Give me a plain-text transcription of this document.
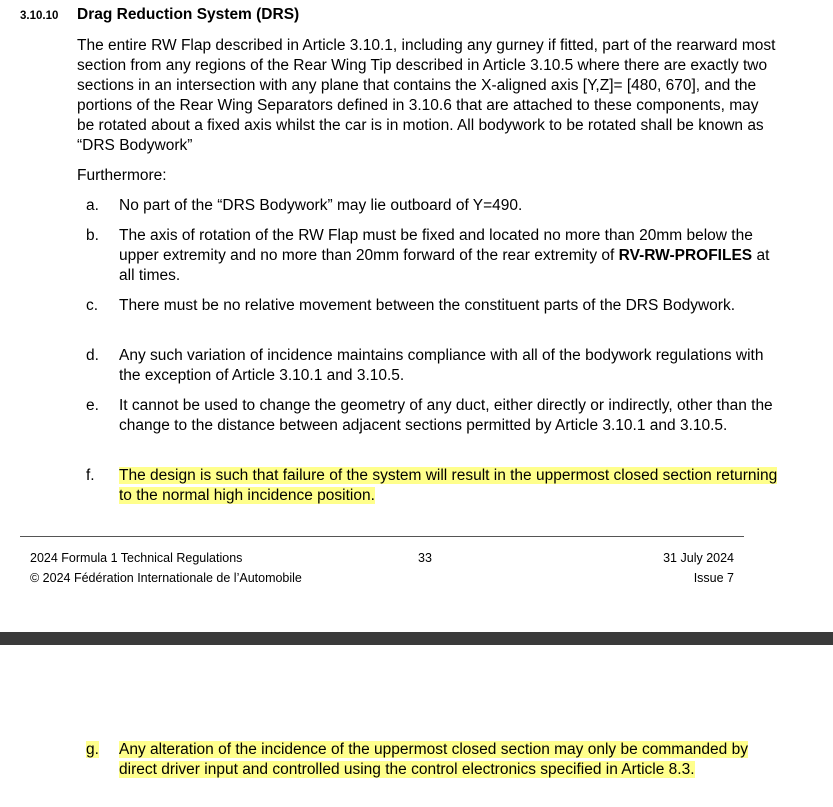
3.10.10	Drag Reduction System (DRS)
The entire RW Flap described in Article 3.10.1, including any gurney if fitted, part of the rearward most section from any regions of the Rear Wing Tip described in Article 3.10.5 where there are exactly two sections in an intersection with any plane that contains the X-aligned axis [Y,Z]= [480, 670], and the portions of the Rear Wing Separators defined in 3.10.6 that are attached to these components, may be rotated about a fixed axis whilst the car is in motion. All bodywork to be rotated shall be known as “DRS Bodywork”
Furthermore:
a.	No part of the “DRS Bodywork” may lie outboard of Y=490.
b.	The axis of rotation of the RW Flap must be fixed and located no more than 20mm below the upper extremity and no more than 20mm forward of the rear extremity of RV-RW-PROFILES at all times.
c.	There must be no relative movement between the constituent parts of the DRS Bodywork.
d.	Any such variation of incidence maintains compliance with all of the bodywork regulations with the exception of Article 3.10.1 and 3.10.5.
e.	It cannot be used to change the geometry of any duct, either directly or indirectly, other than the change to the distance between adjacent sections permitted by Article 3.10.1 and 3.10.5.
f.	The design is such that failure of the system will result in the uppermost closed section returning to the normal high incidence position.
2024 Formula 1 Technical Regulations
© 2024 Fédération Internationale de l’Automobile
33	31 July 2024
Issue 7
g.	Any alteration of the incidence of the uppermost closed section may only be commanded by direct driver input and controlled using the control electronics specified in Article 8.3.
